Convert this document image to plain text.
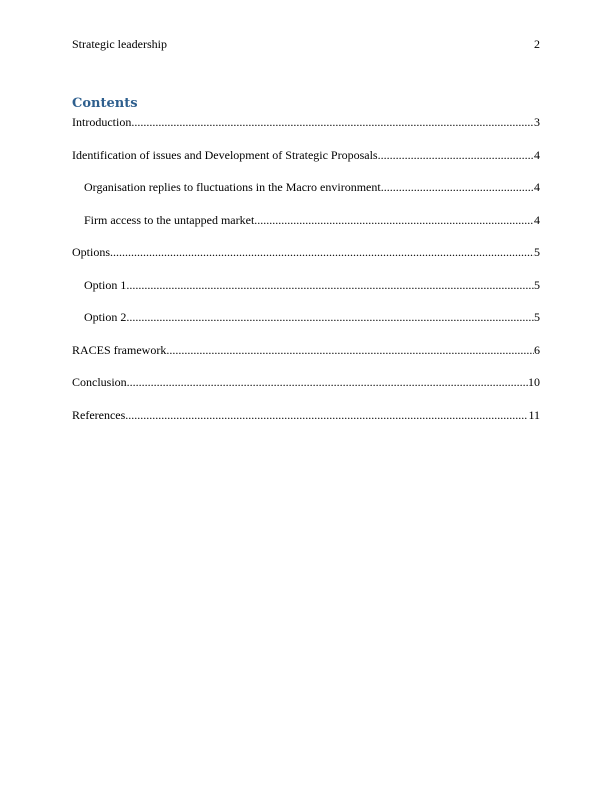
Strategic leadership	2
Contents
Introduction .....	3
Identification of issues and Development of Strategic Proposals .....	4
Organisation replies to fluctuations in the Macro environment .....	4
Firm access to the untapped market .....	4
Options .....	5
Option 1 .....	5
Option 2 .....	5
RACES framework .....	6
Conclusion .....	10
References .....	11
